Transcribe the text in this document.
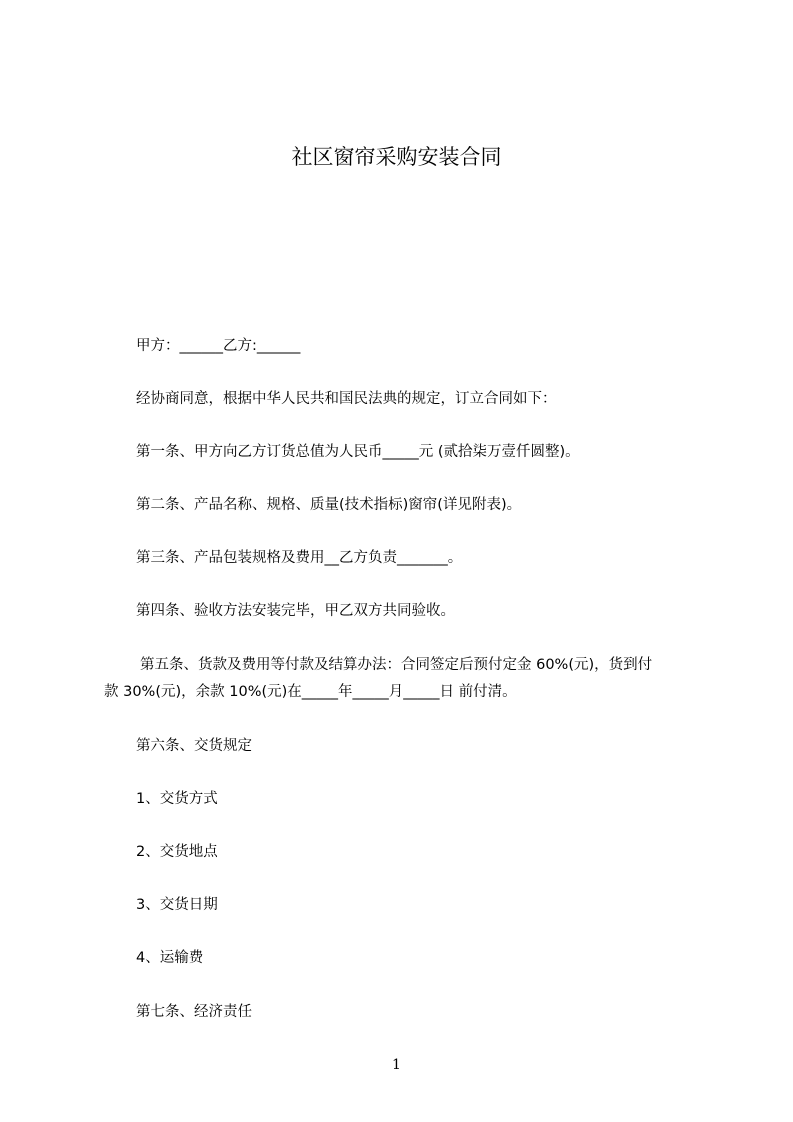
社区窗帘采购安装合同
甲方：______乙方:______
经协商同意，根据中华人民共和国民法典的规定，订立合同如下：
第一条、甲方向乙方订货总值为人民币_____元 (贰拾柒万壹仟圆整)。
第二条、产品名称、规格、质量(技术指标)窗帘(详见附表)。
第三条、产品包装规格及费用__乙方负责_______。
第四条、验收方法安装完毕，甲乙双方共同验收。
第五条、货款及费用等付款及结算办法：合同签定后预付定金 60%(元)，货到付
款 30%(元)，余款 10%(元)在_____年_____月_____日 前付清。
第六条、交货规定
1、交货方式
2、交货地点
3、交货日期
4、运输费
第七条、经济责任
1
